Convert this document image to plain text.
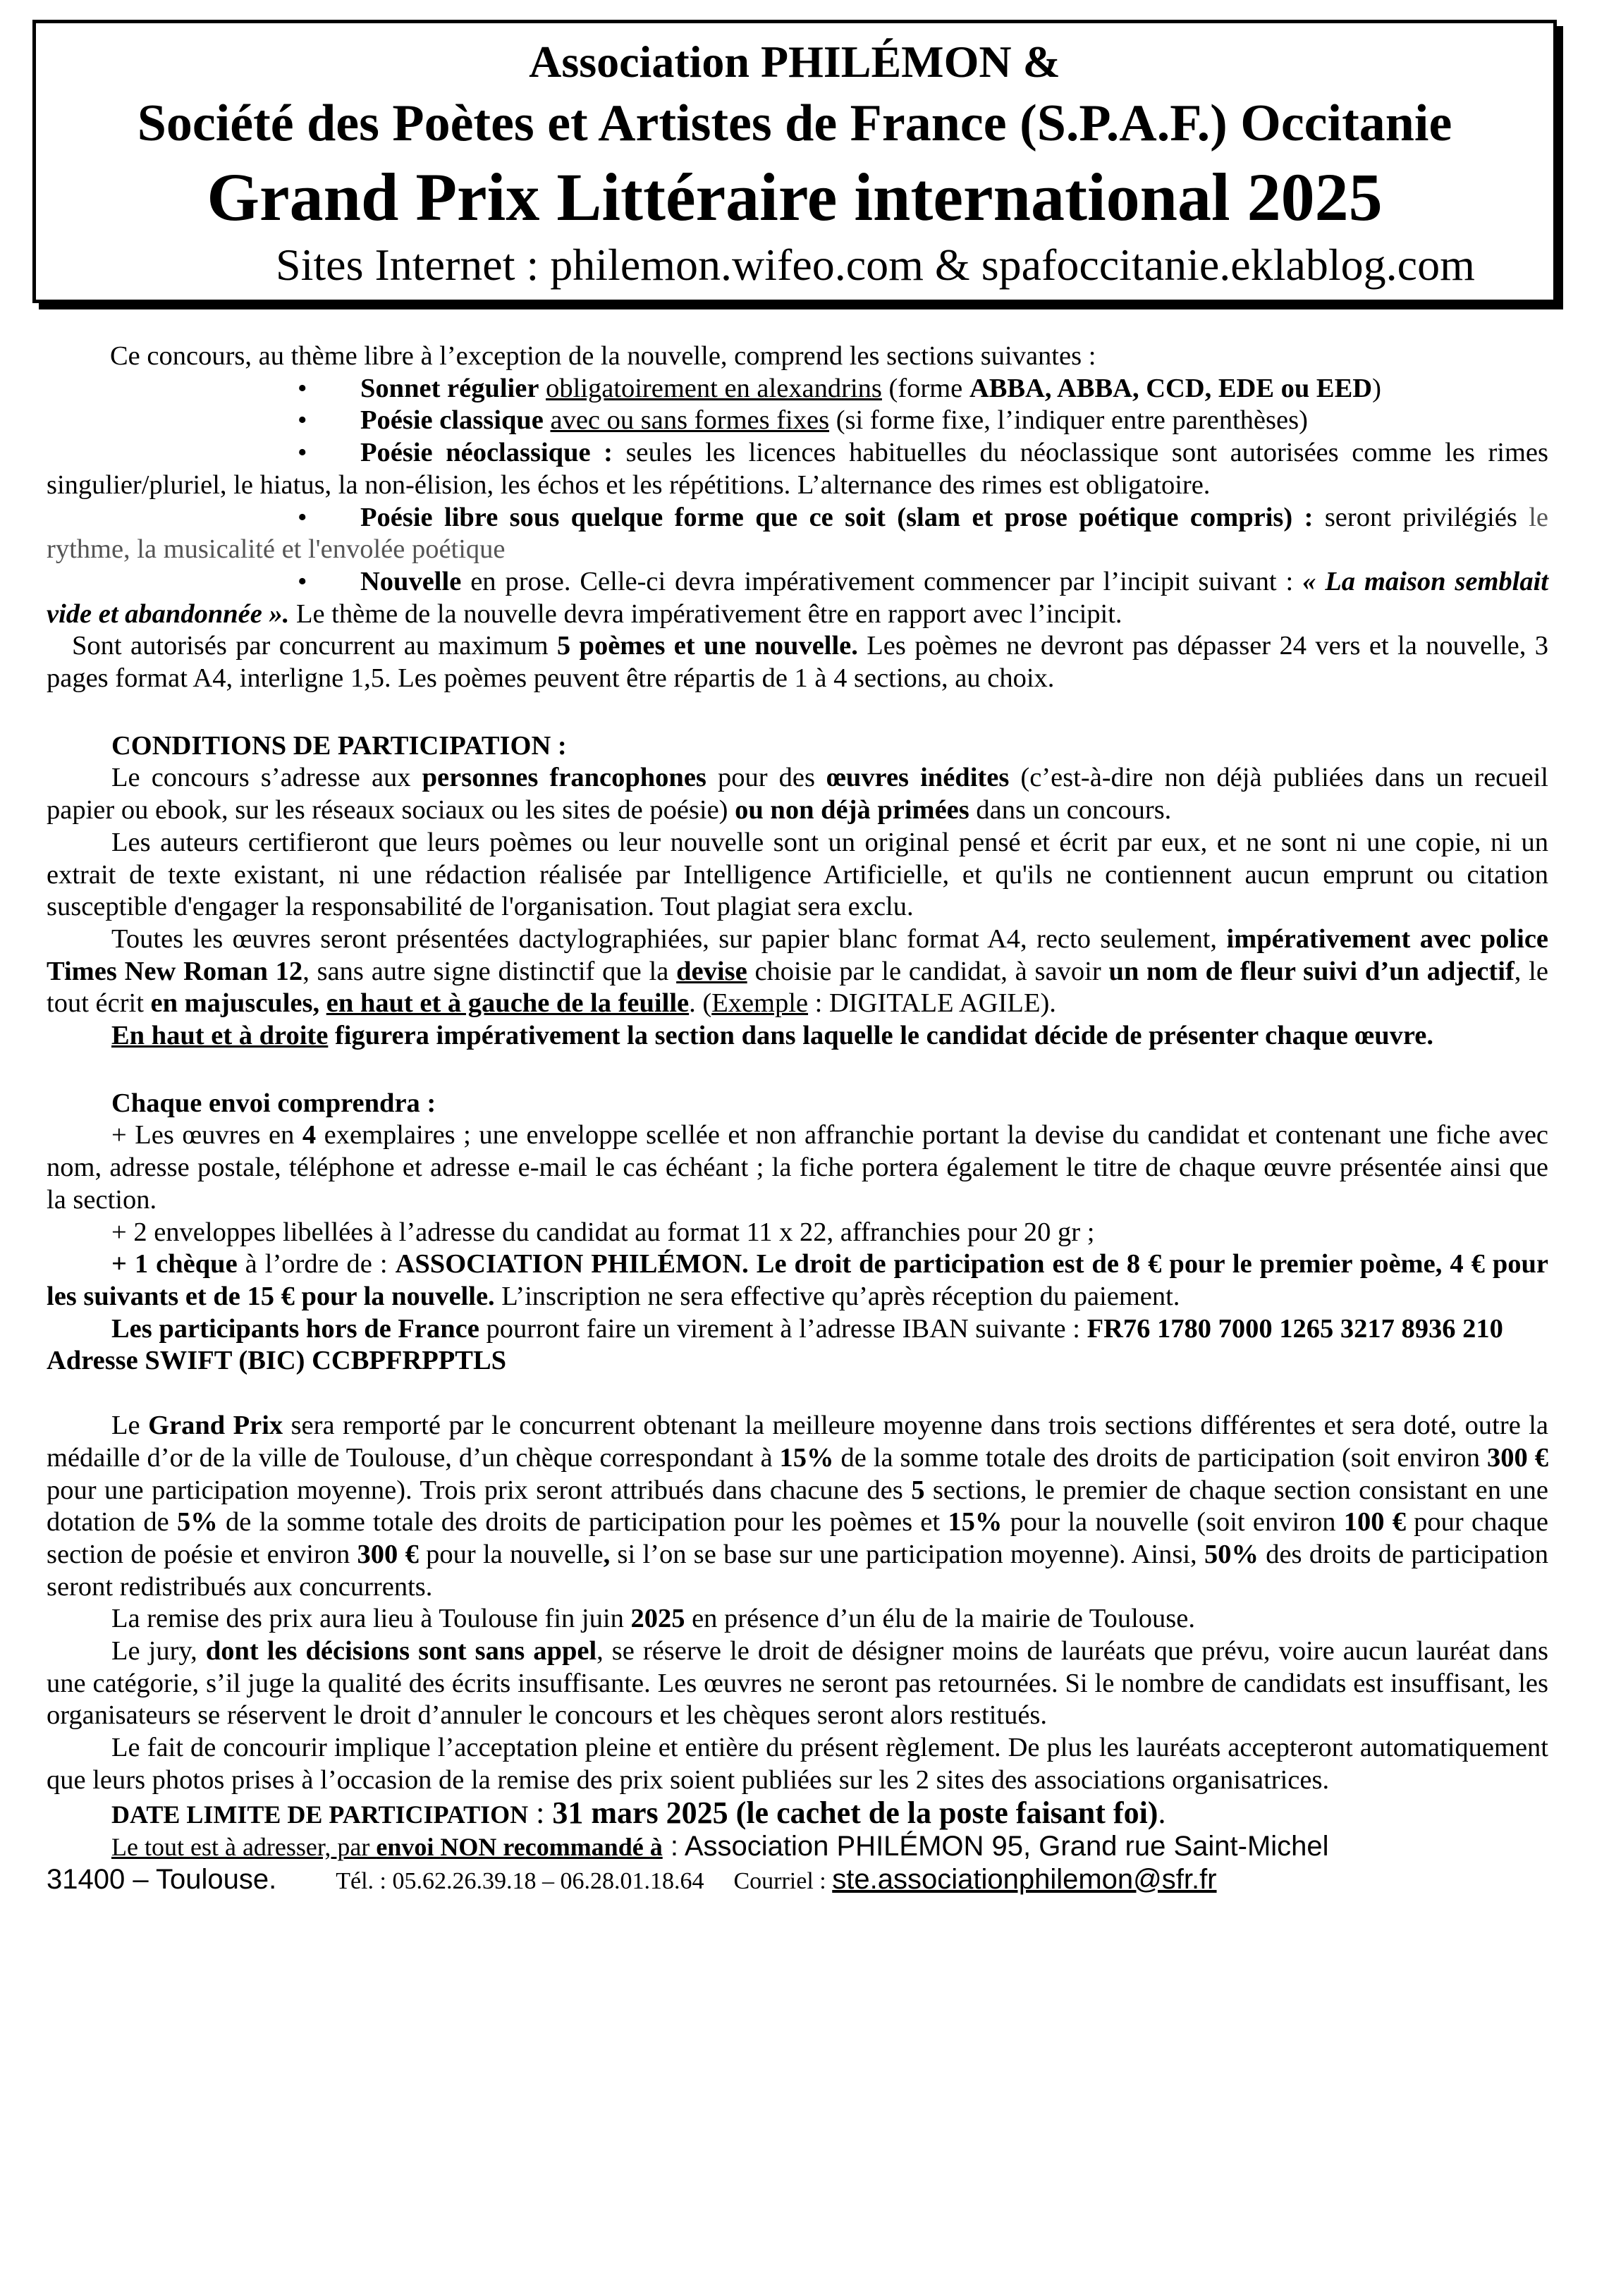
Association PHILÉMON &
Société des Poètes et Artistes de France (S.P.A.F.) Occitanie
Grand Prix Littéraire international 2025
Sites Internet : philemon.wifeo.com & spafoccitanie.eklablog.com

Ce concours, au thème libre à l’exception de la nouvelle, comprend les sections suivantes :

• Sonnet régulier obligatoirement en alexandrins (forme ABBA, ABBA, CCD, EDE ou EED)

• Poésie classique avec ou sans formes fixes (si forme fixe, l’indiquer entre parenthèses)

• Poésie néoclassique : seules les licences habituelles du néoclassique sont autorisées comme les rimes singulier/pluriel, le hiatus, la non-élision, les échos et les répétitions. L’alternance des rimes est obligatoire.

• Poésie libre sous quelque forme que ce soit (slam et prose poétique compris) : seront privilégiés le rythme, la musicalité et l'envolée poétique

• Nouvelle en prose. Celle-ci devra impérativement commencer par l’incipit suivant : « La maison semblait vide et abandonnée ». Le thème de la nouvelle devra impérativement être en rapport avec l’incipit.

Sont autorisés par concurrent au maximum 5 poèmes et une nouvelle. Les poèmes ne devront pas dépasser 24 vers et la nouvelle, 3 pages format A4, interligne 1,5. Les poèmes peuvent être répartis de 1 à 4 sections, au choix.

CONDITIONS DE PARTICIPATION :

Le concours s’adresse aux personnes francophones pour des œuvres inédites (c’est-à-dire non déjà publiées dans un recueil papier ou ebook, sur les réseaux sociaux ou les sites de poésie) ou non déjà primées dans un concours.

Les auteurs certifieront que leurs poèmes ou leur nouvelle sont un original pensé et écrit par eux, et ne sont ni une copie, ni un extrait de texte existant, ni une rédaction réalisée par Intelligence Artificielle, et qu'ils ne contiennent aucun emprunt ou citation susceptible d'engager la responsabilité de l'organisation. Tout plagiat sera exclu.

Toutes les œuvres seront présentées dactylographiées, sur papier blanc format A4, recto seulement, impérativement avec police Times New Roman 12, sans autre signe distinctif que la devise choisie par le candidat, à savoir un nom de fleur suivi d’un adjectif, le tout écrit en majuscules, en haut et à gauche de la feuille. (Exemple : DIGITALE AGILE).

En haut et à droite figurera impérativement la section dans laquelle le candidat décide de présenter chaque œuvre.

Chaque envoi comprendra :

+ Les œuvres en 4 exemplaires ; une enveloppe scellée et non affranchie portant la devise du candidat et contenant une fiche avec nom, adresse postale, téléphone et adresse e-mail le cas échéant ; la fiche portera également le titre de chaque œuvre présentée ainsi que la section.

+ 2 enveloppes libellées à l’adresse du candidat au format 11 x 22, affranchies pour 20 gr ;

+ 1 chèque à l’ordre de : ASSOCIATION PHILÉMON. Le droit de participation est de 8 € pour le premier poème, 4 € pour les suivants et de 15 € pour la nouvelle. L’inscription ne sera effective qu’après réception du paiement.

Les participants hors de France pourront faire un virement à l’adresse IBAN suivante : FR76 1780 7000 1265 3217 8936 210     Adresse SWIFT (BIC) CCBPFRPPTLS

Le Grand Prix sera remporté par le concurrent obtenant la meilleure moyenne dans trois sections différentes et sera doté, outre la médaille d’or de la ville de Toulouse, d’un chèque correspondant à 15% de la somme totale des droits de participation (soit environ 300 € pour une participation moyenne). Trois prix seront attribués dans chacune des 5 sections, le premier de chaque section consistant en une dotation de 5% de la somme totale des droits de participation pour les poèmes et 15% pour la nouvelle (soit environ 100 € pour chaque section de poésie et environ 300 € pour la nouvelle, si l’on se base sur une participation moyenne). Ainsi, 50% des droits de participation seront redistribués aux concurrents.

La remise des prix aura lieu à Toulouse fin juin 2025 en présence d’un élu de la mairie de Toulouse.

Le jury, dont les décisions sont sans appel, se réserve le droit de désigner moins de lauréats que prévu, voire aucun lauréat dans une catégorie, s’il juge la qualité des écrits insuffisante. Les œuvres ne seront pas retournées. Si le nombre de candidats est insuffisant, les organisateurs se réservent le droit d’annuler le concours et les chèques seront alors restitués.

Le fait de concourir implique l’acceptation pleine et entière du présent règlement. De plus les lauréats accepteront automatiquement que leurs photos prises à l’occasion de la remise des prix soient publiées sur les 2 sites des associations organisatrices.

DATE LIMITE DE PARTICIPATION : 31 mars 2025 (le cachet de la poste faisant foi).

Le tout est à adresser, par envoi NON recommandé à : Association PHILÉMON 95, Grand rue Saint-Michel

31400 – Toulouse. Tél. : 05.62.26.39.18 – 06.28.01.18.64 Courriel : ste.associationphilemon@sfr.fr
